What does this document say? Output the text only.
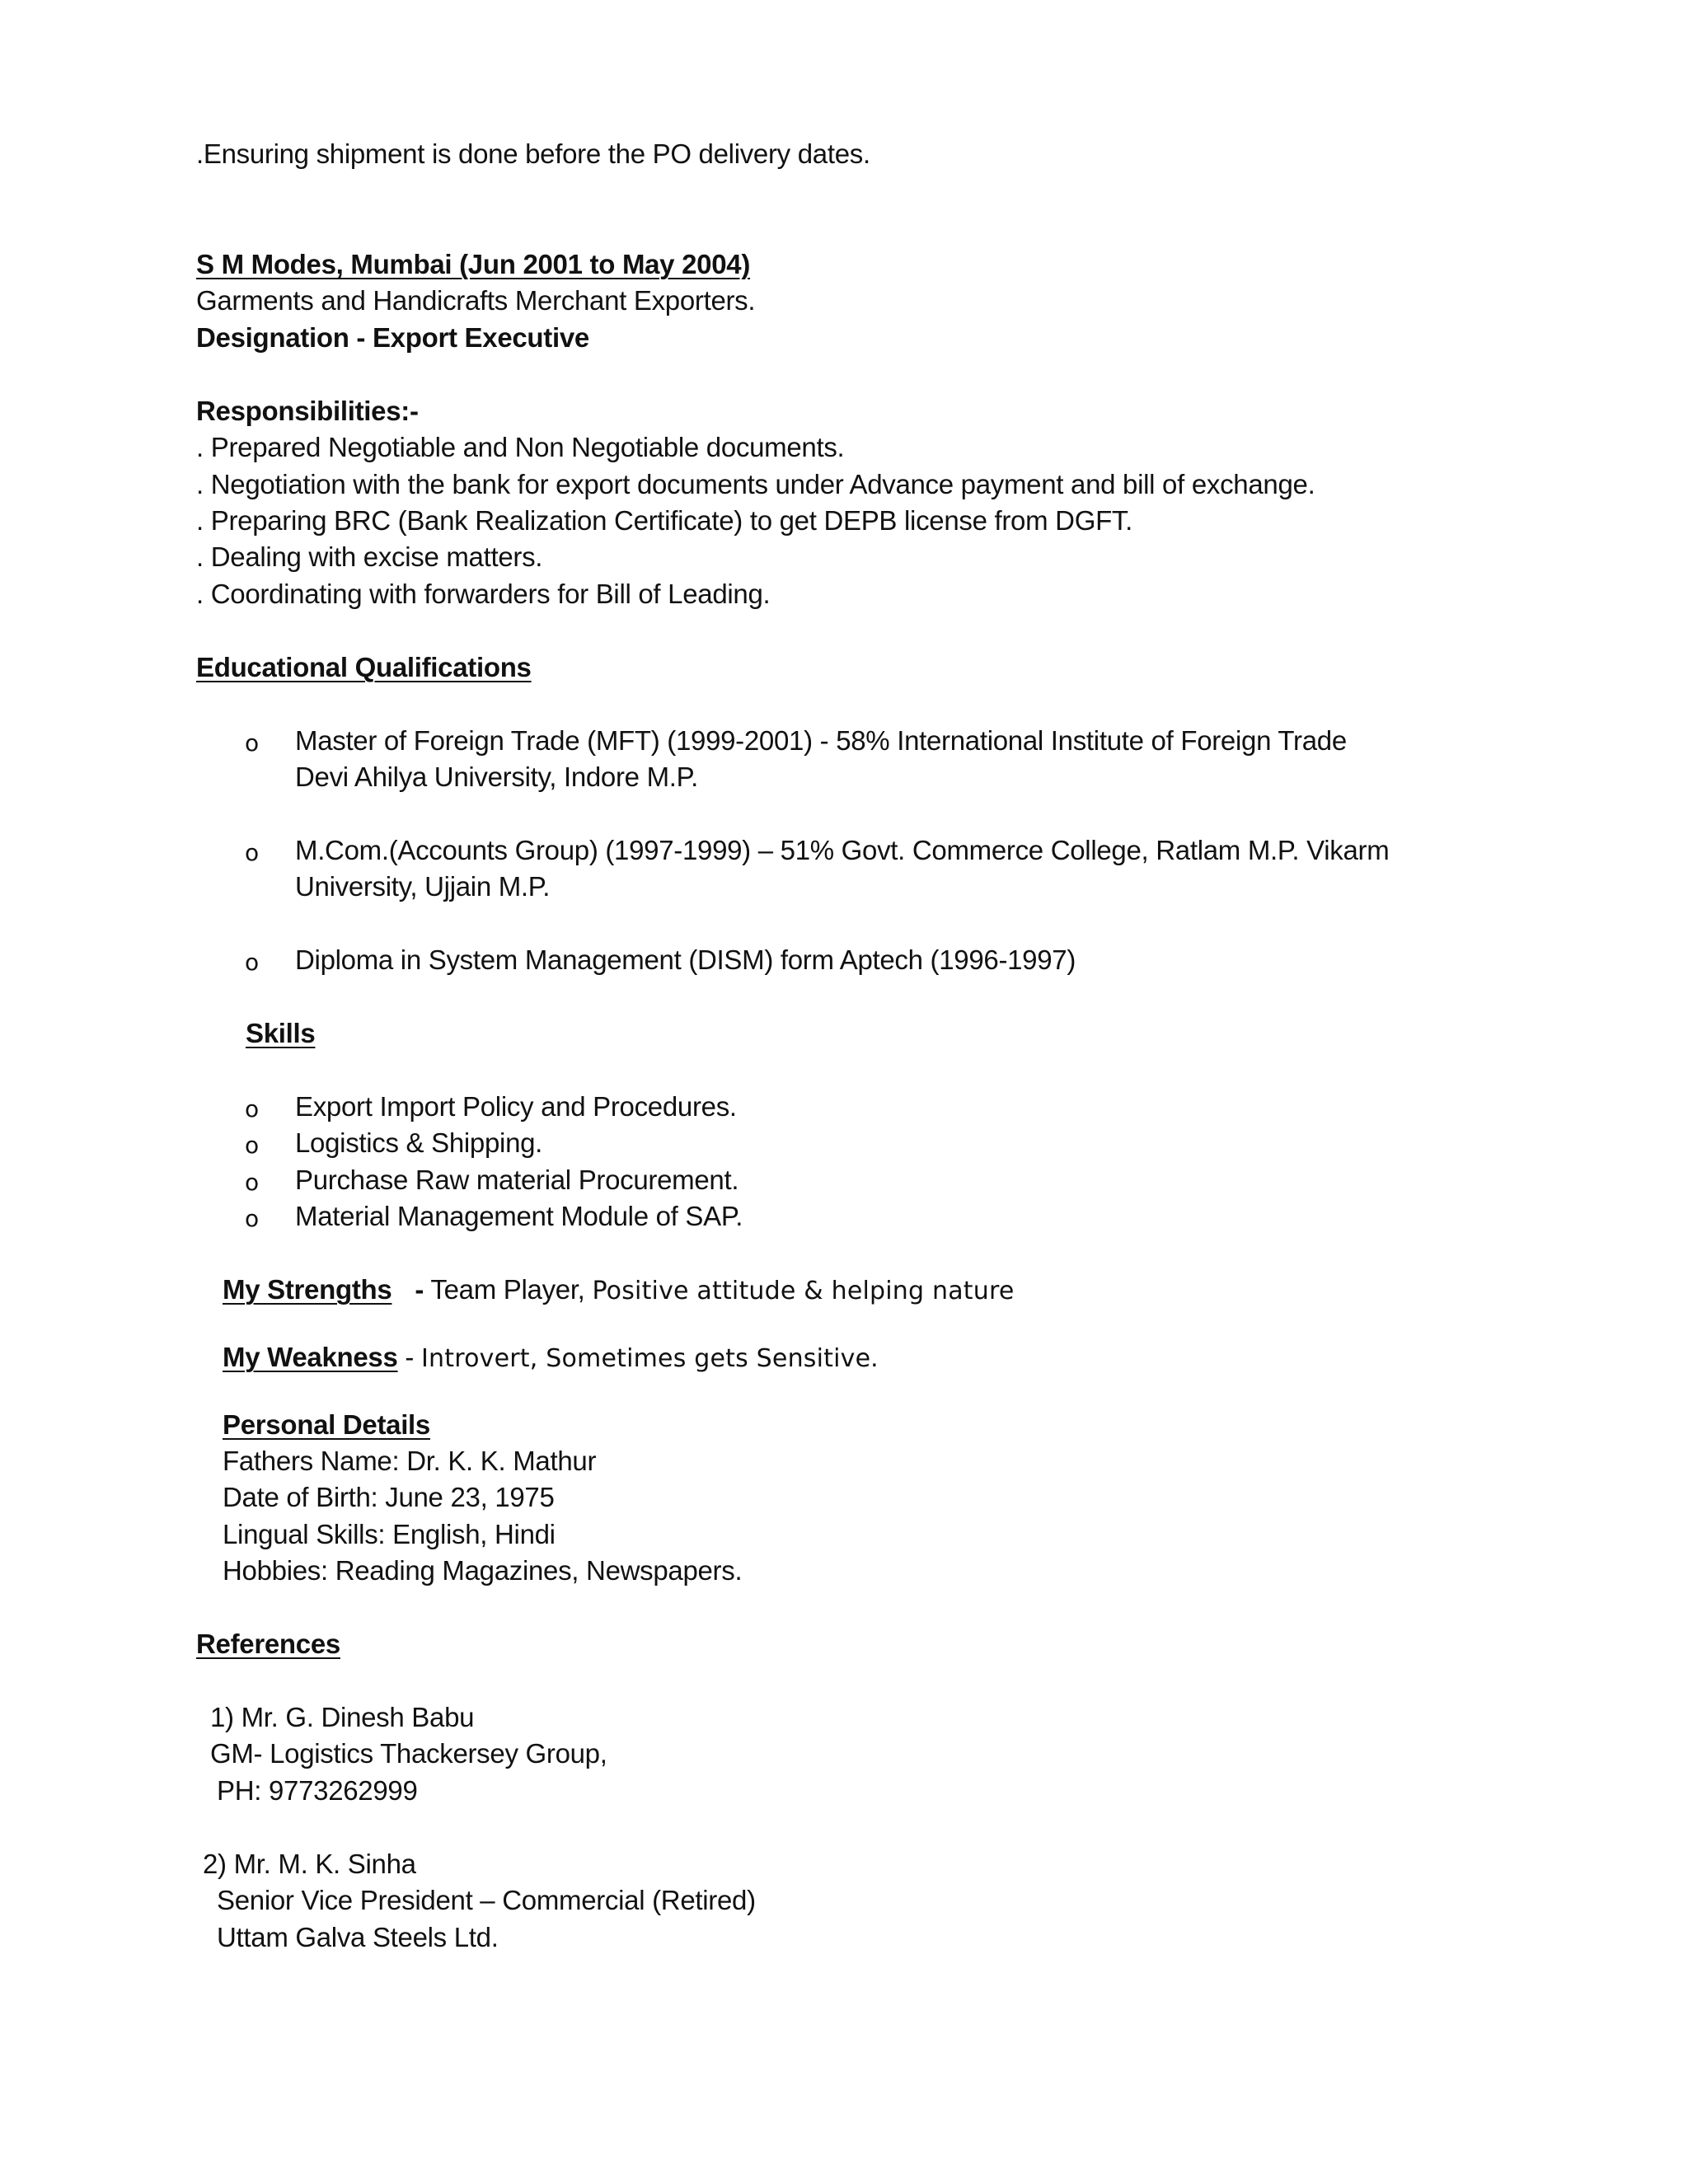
.Ensuring shipment is done before the PO delivery dates.
S M Modes, Mumbai (Jun 2001 to May 2004)
Garments and Handicrafts Merchant Exporters.
Designation - Export Executive
Responsibilities:-
. Prepared Negotiable and Non Negotiable documents.
. Negotiation with the bank for export documents under Advance payment and bill of exchange.
. Preparing BRC (Bank Realization Certificate) to get DEPB license from DGFT.
. Dealing with excise matters.
. Coordinating with forwarders for Bill of Leading.
Educational Qualifications
o Master of Foreign Trade (MFT) (1999-2001) - 58% International Institute of Foreign Trade
Devi Ahilya University, Indore M.P.
o M.Com.(Accounts Group) (1997-1999) – 51% Govt. Commerce College, Ratlam M.P. Vikarm
University, Ujjain M.P.
o Diploma in System Management (DISM) form Aptech (1996-1997)
Skills
o Export Import Policy and Procedures.
o Logistics & Shipping.
o Purchase Raw material Procurement.
o Material Management Module of SAP.
My Strengths - Team Player, Positive attitude & helping nature
My Weakness - Introvert, Sometimes gets Sensitive.
Personal Details
Fathers Name: Dr. K. K. Mathur
Date of Birth: June 23, 1975
Lingual Skills: English, Hindi
Hobbies: Reading Magazines, Newspapers.
References
1) Mr. G. Dinesh Babu
GM- Logistics Thackersey Group,
PH: 9773262999
2) Mr. M. K. Sinha
Senior Vice President – Commercial (Retired)
Uttam Galva Steels Ltd.
